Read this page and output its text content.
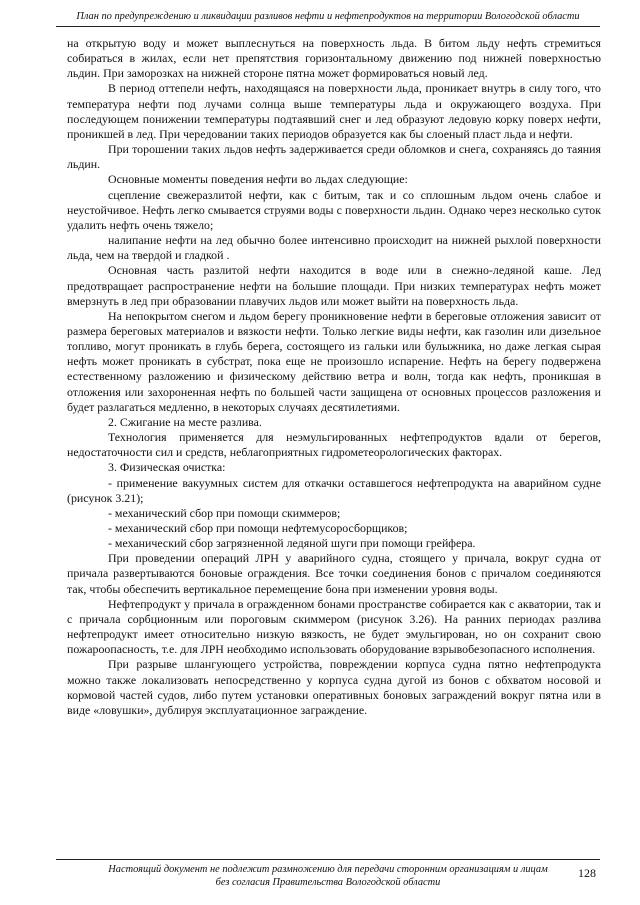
План по предупреждению и ликвидации разливов нефти и нефтепродуктов на территории Вологодской области

на открытую воду и может выплеснуться на поверхность льда. В битом льду нефть стремиться собираться в жилах, если нет препятствия горизонтальному движению под нижней поверхностью льдин. При заморозках на нижней стороне пятна может формироваться новый лед.

В период оттепели нефть, находящаяся на поверхности льда, проникает внутрь в силу того, что температура нефти под лучами солнца выше температуры льда и окружающего воздуха. При последующем понижении температуры подтаявший снег и лед образуют ледовую корку поверх нефти, проникшей в лед. При чередовании таких периодов образуется как бы слоеный пласт льда и нефти.

При торошении таких льдов нефть задерживается среди обломков и снега, сохраняясь до таяния льдин.

Основные моменты поведения нефти во льдах следующие:

сцепление свежеразлитой нефти, как с битым, так и со сплошным льдом очень слабое и неустойчивое. Нефть легко смывается струями воды с поверхности льдин. Однако через несколько суток удалить нефть очень тяжело;

налипание нефти на лед обычно более интенсивно происходит на нижней рыхлой поверхности льда, чем на твердой и гладкой .

Основная часть разлитой нефти находится в воде или в снежно-ледяной каше. Лед предотвращает распространение нефти на большие площади. При низких температурах нефть может вмерзнуть в лед при образовании плавучих льдов или может выйти на поверхность льда.

На непокрытом снегом и льдом берегу проникновение нефти в береговые отложения зависит от размера береговых материалов и вязкости нефти. Только легкие виды нефти, как газолин или дизельное топливо, могут проникать в глубь берега, состоящего из гальки или булыжника, но даже легкая сырая нефть может проникать в субстрат, пока еще не произошло испарение. Нефть на берегу подвержена естественному разложению и физическому действию ветра и волн, тогда как нефть, проникшая в отложения или захороненная нефть по большей части защищена от основных процессов разложения и будет разлагаться медленно, в некоторых случаях десятилетиями.

2. Сжигание на месте разлива.

Технология применяется для неэмульгированных нефтепродуктов вдали от берегов, недостаточности сил и средств, неблагоприятных гидрометеорологических факторах.

3. Физическая очистка:

- применение вакуумных систем для откачки оставшегося нефтепродукта на аварийном судне (рисунок 3.21);

- механический сбор при помощи скиммеров;

- механический сбор при помощи нефтемусоросборщиков;

- механический сбор загрязненной ледяной шуги при помощи грейфера.

При проведении операций ЛРН у аварийного судна, стоящего у причала, вокруг судна от причала развертываются боновые ограждения. Все точки соединения бонов с причалом соединяются так, чтобы обеспечить вертикальное перемещение бона при изменении уровня воды.

Нефтепродукт у причала в огражденном бонами пространстве собирается как с акватории, так и с причала сорбционным или пороговым скиммером (рисунок 3.26). На ранних периодах разлива нефтепродукт имеет относительно низкую вязкость, не будет эмульгирован, но он сохранит свою пожароопасность, т.е. для ЛРН необходимо использовать оборудование взрывобезопасного исполнения.

При разрыве шлангующего устройства, повреждении корпуса судна пятно нефтепродукта можно также локализовать непосредственно у корпуса судна дугой из бонов с обхватом носовой и кормовой частей судов, либо путем установки оперативных боновых заграждений вокруг пятна или в виде «ловушки», дублируя эксплуатационное заграждение.

Настоящий документ не подлежит размножению для передачи сторонним организациям и лицам
без согласия Правительства Вологодской области
128
